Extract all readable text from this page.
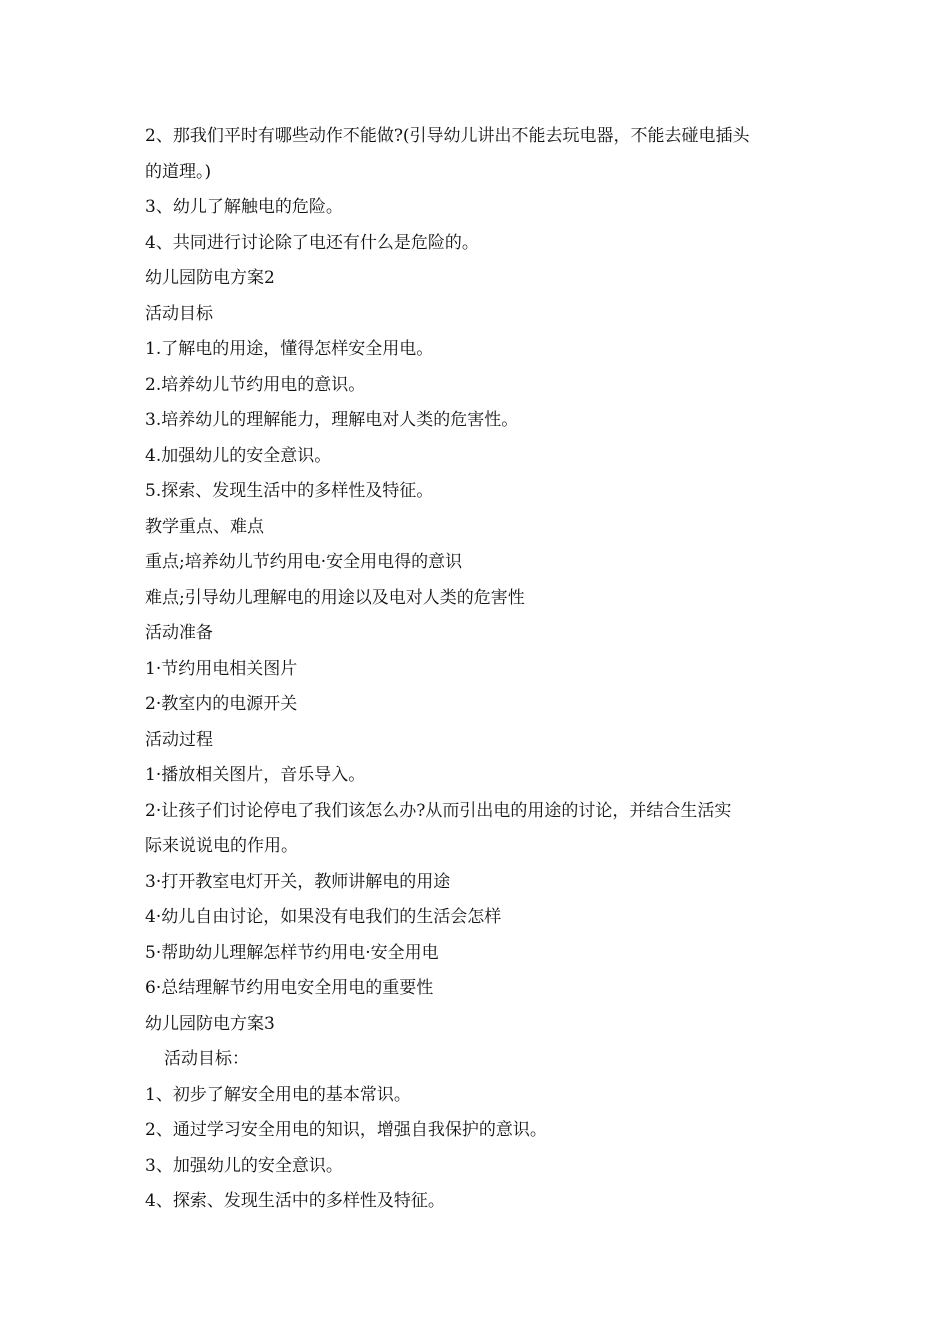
2、那我们平时有哪些动作不能做?(引导幼儿讲出不能去玩电器，不能去碰电插头
的道理。)
3、幼儿了解触电的危险。
4、共同进行讨论除了电还有什么是危险的。
幼儿园防电方案2
活动目标
1.了解电的用途，懂得怎样安全用电。
2.培养幼儿节约用电的意识。
3.培养幼儿的理解能力，理解电对人类的危害性。
4.加强幼儿的安全意识。
5.探索、发现生活中的多样性及特征。
教学重点、难点
重点;培养幼儿节约用电·安全用电得的意识
难点;引导幼儿理解电的用途以及电对人类的危害性
活动准备
1·节约用电相关图片
2·教室内的电源开关
活动过程
1·播放相关图片，音乐导入。
2·让孩子们讨论停电了我们该怎么办?从而引出电的用途的讨论，并结合生活实
际来说说电的作用。
3·打开教室电灯开关，教师讲解电的用途
4·幼儿自由讨论，如果没有电我们的生活会怎样
5·帮助幼儿理解怎样节约用电·安全用电
6·总结理解节约用电安全用电的重要性
幼儿园防电方案3
活动目标：
1、初步了解安全用电的基本常识。
2、通过学习安全用电的知识，增强自我保护的意识。
3、加强幼儿的安全意识。
4、探索、发现生活中的多样性及特征。
